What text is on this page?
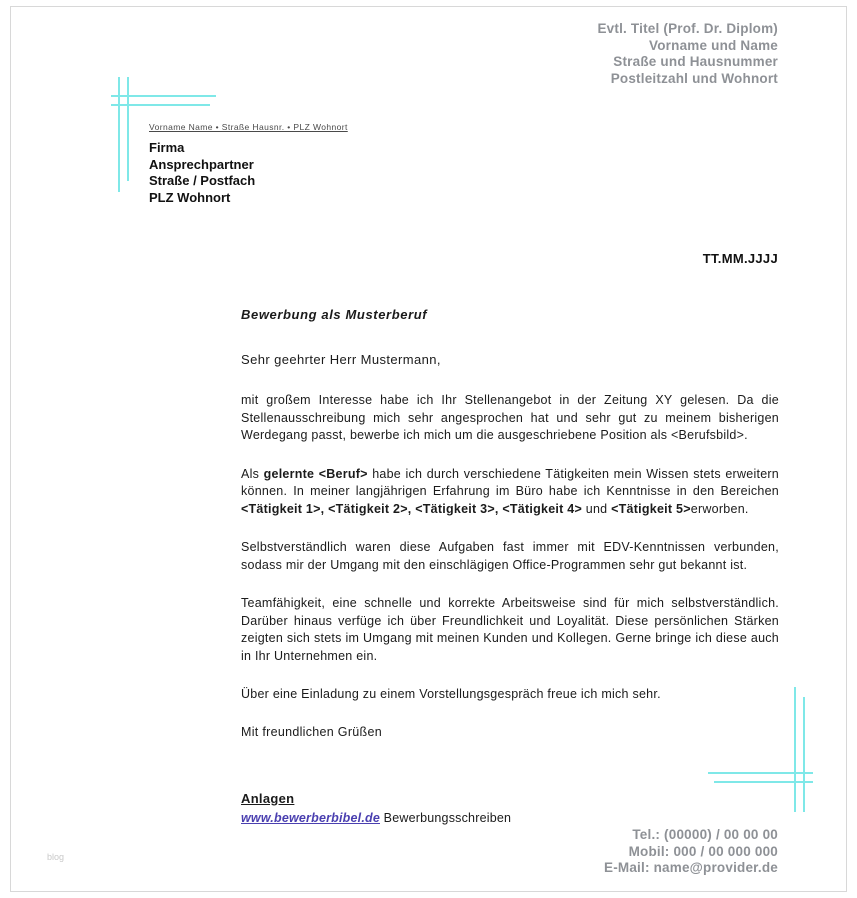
Evtl. Titel (Prof. Dr. Diplom)
Vorname und Name
Straße und Hausnummer
Postleitzahl und Wohnort
Vorname Name • Straße Hausnr. • PLZ Wohnort
Firma
Ansprechpartner
Straße / Postfach
PLZ Wohnort
TT.MM.JJJJ
Bewerbung als Musterberuf
Sehr geehrter Herr Mustermann,
mit großem Interesse habe ich Ihr Stellenangebot in der Zeitung XY gelesen. Da die Stellenausschreibung mich sehr angesprochen hat und sehr gut zu meinem bisherigen Werdegang passt, bewerbe ich mich um die ausgeschriebene Position als <Berufsbild>.
Als gelernte <Beruf> habe ich durch verschiedene Tätigkeiten mein Wissen stets erweitern können. In meiner langjährigen Erfahrung im Büro habe ich Kenntnisse in den Bereichen <Tätigkeit 1>, <Tätigkeit 2>, <Tätigkeit 3>, <Tätigkeit 4> und <Tätigkeit 5>erworben.
Selbstverständlich waren diese Aufgaben fast immer mit EDV-Kenntnissen verbunden, sodass mir der Umgang mit den einschlägigen Office-Programmen sehr gut bekannt ist.
Teamfähigkeit, eine schnelle und korrekte Arbeitsweise sind für mich selbstverständlich. Darüber hinaus verfüge ich über Freundlichkeit und Loyalität. Diese persönlichen Stärken zeigten sich stets im Umgang mit meinen Kunden und Kollegen. Gerne bringe ich diese auch in Ihr Unternehmen ein.
Über eine Einladung zu einem Vorstellungsgespräch freue ich mich sehr.
Mit freundlichen Grüßen
Anlagen
www.bewerberbibel.de Bewerbungsschreiben
Tel.: (00000) / 00 00 00
Mobil: 000 / 00 000 000
E-Mail: name@provider.de
blog
